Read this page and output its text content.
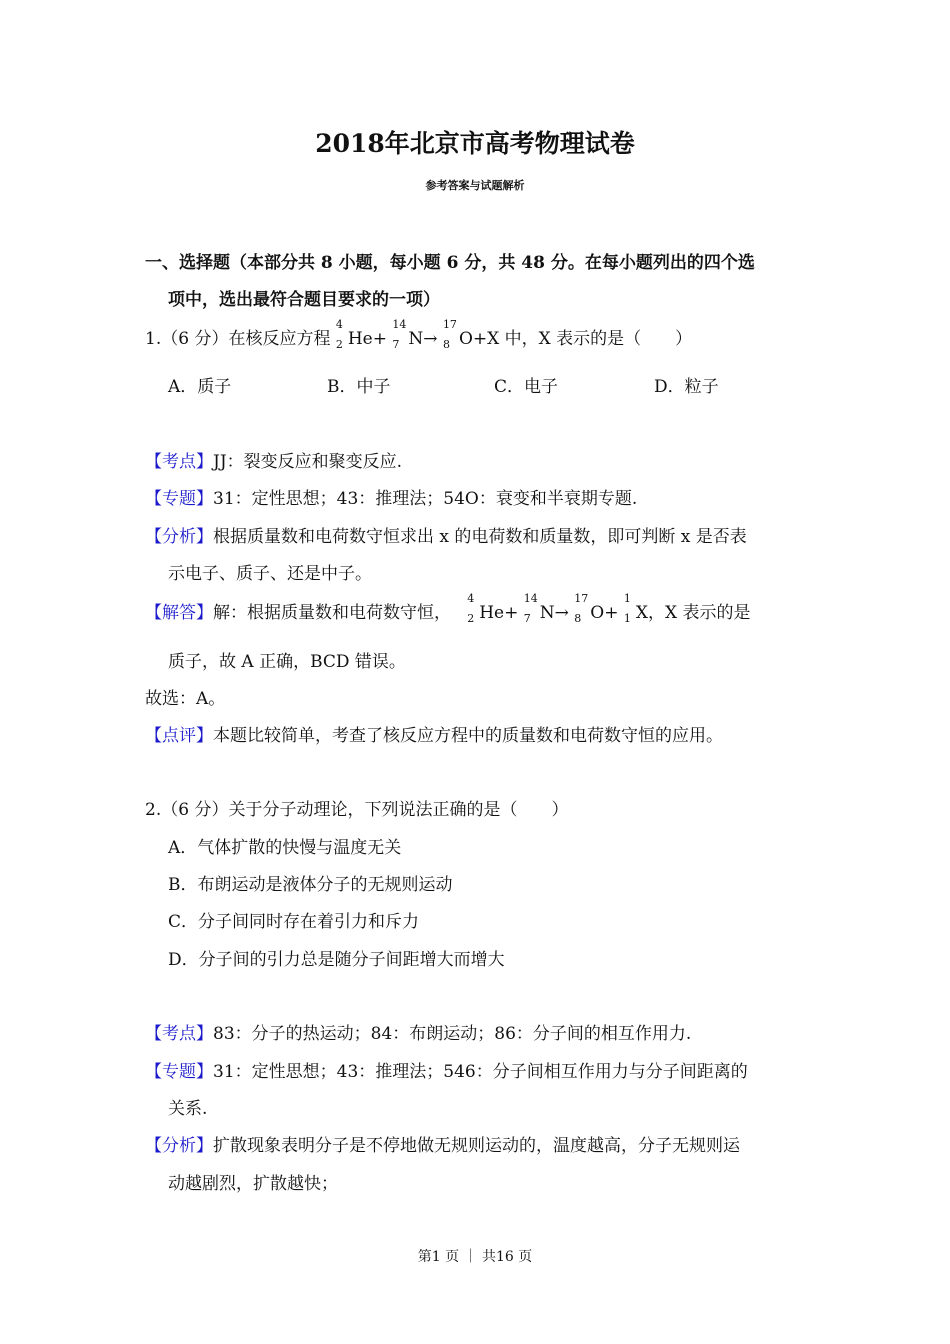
2018年北京市高考物理试卷
参考答案与试题解析
一、选择题（本部分共 8 小题，每小题 6 分，共 48 分。在每小题列出的四个选
项中，选出最符合题目要求的一项）
1.（6 分）在核反应方程
4
2 He+
14
7 N→
17
8 O+X 中，X 表示的是（　　）
A．质子	B．中子	C．电子	D．粒子
【考点】JJ：裂变反应和聚变反应.
【专题】31：定性思想；43：推理法；54O：衰变和半衰期专题.
【分析】根据质量数和电荷数守恒求出 x 的电荷数和质量数，即可判断 x 是否表
示电子、质子、还是中子。
【解答】解：根据质量数和电荷数守恒，
4
2 He+
14
7 N→
17
8 O+
1
1 X，X 表示的是
质子，故 A 正确，BCD 错误。
故选：A。
【点评】本题比较简单，考查了核反应方程中的质量数和电荷数守恒的应用。
2.（6 分）关于分子动理论，下列说法正确的是（　　）
A．气体扩散的快慢与温度无关
B．布朗运动是液体分子的无规则运动
C．分子间同时存在着引力和斥力
D．分子间的引力总是随分子间距增大而增大
【考点】83：分子的热运动；84：布朗运动；86：分子间的相互作用力.
【专题】31：定性思想；43：推理法；546：分子间相互作用力与分子间距离的
关系.
【分析】扩散现象表明分子是不停地做无规则运动的，温度越高，分子无规则运
动越剧烈，扩散越快；
第1 页 ｜ 共16 页
